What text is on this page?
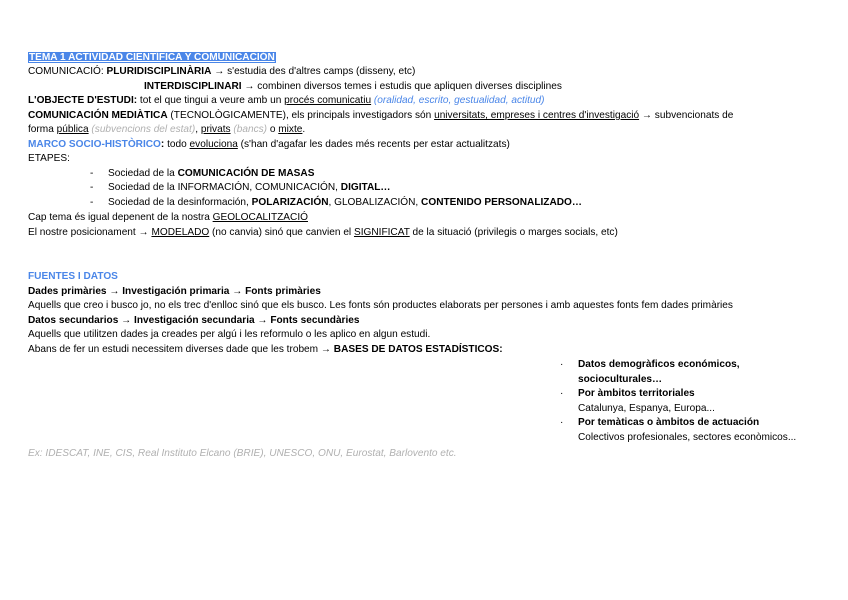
TEMA 1 ACTIVIDAD CIENTÍFICA Y COMUNICACIÓN
COMUNICACIÓ: PLURIDISCIPLINÀRIA → s'estudia des d'altres camps (disseny, etc)
INTERDISCIPLINARI → combinen diversos temes i estudis que apliquen diverses disciplines
L'OBJECTE D'ESTUDI: tot el que tingui a veure amb un procés comunicatiu (oralidad, escrito, gestualidad, actitud)
COMUNICACIÓN MEDIÀTICA (TECNOLÒGICAMENTE), els principals investigadors són universitats, empreses i centres d'investigació → subvencionats de
forma pública (subvencions del estat), privats (bancs) o mixte.
MARCO SOCIO-HISTÒRICO: todo evoluciona (s'han d'agafar les dades més recents per estar actualitzats)
ETAPES:
- Sociedad de la COMUNICACIÓN DE MASAS
- Sociedad de la INFORMACIÓN, COMUNICACIÓN, DIGITAL…
- Sociedad de la desinformación, POLARIZACIÓN, GLOBALIZACIÓN, CONTENIDO PERSONALIZADO…
Cap tema és igual depenent de la nostra GEOLOCALITZACIÓ
El nostre posicionament → MODELADO (no canvia) sinó que canvien el SIGNIFICAT de la situació (privilegis o marges socials, etc)
FUENTES I DATOS
Dades primàries → Investigación primaria → Fonts primàries
Aquells que creo i busco jo, no els trec d'enlloc sinó que els busco. Les fonts són productes elaborats per persones i amb aquestes fonts fem dades primàries
Datos secundarios → Investigación secundaria → Fonts secundàries
Aquells que utilitzen dades ja creades per algú i les reformulo o les aplico en algun estudi.
Abans de fer un estudi necessitem diverses dade que les trobem → BASES DE DATOS ESTADÍSTICOS:
· Datos demogràficos económicos,
socioculturales…
· Por àmbitos territoriales
Catalunya, Espanya, Europa...
· Por temàticas o àmbitos de actuación
Colectivos profesionales, sectores econòmicos...
Ex: IDESCAT, INE, CIS, Real Instituto Elcano (BRIE), UNESCO, ONU, Eurostat, Barlovento etc.
